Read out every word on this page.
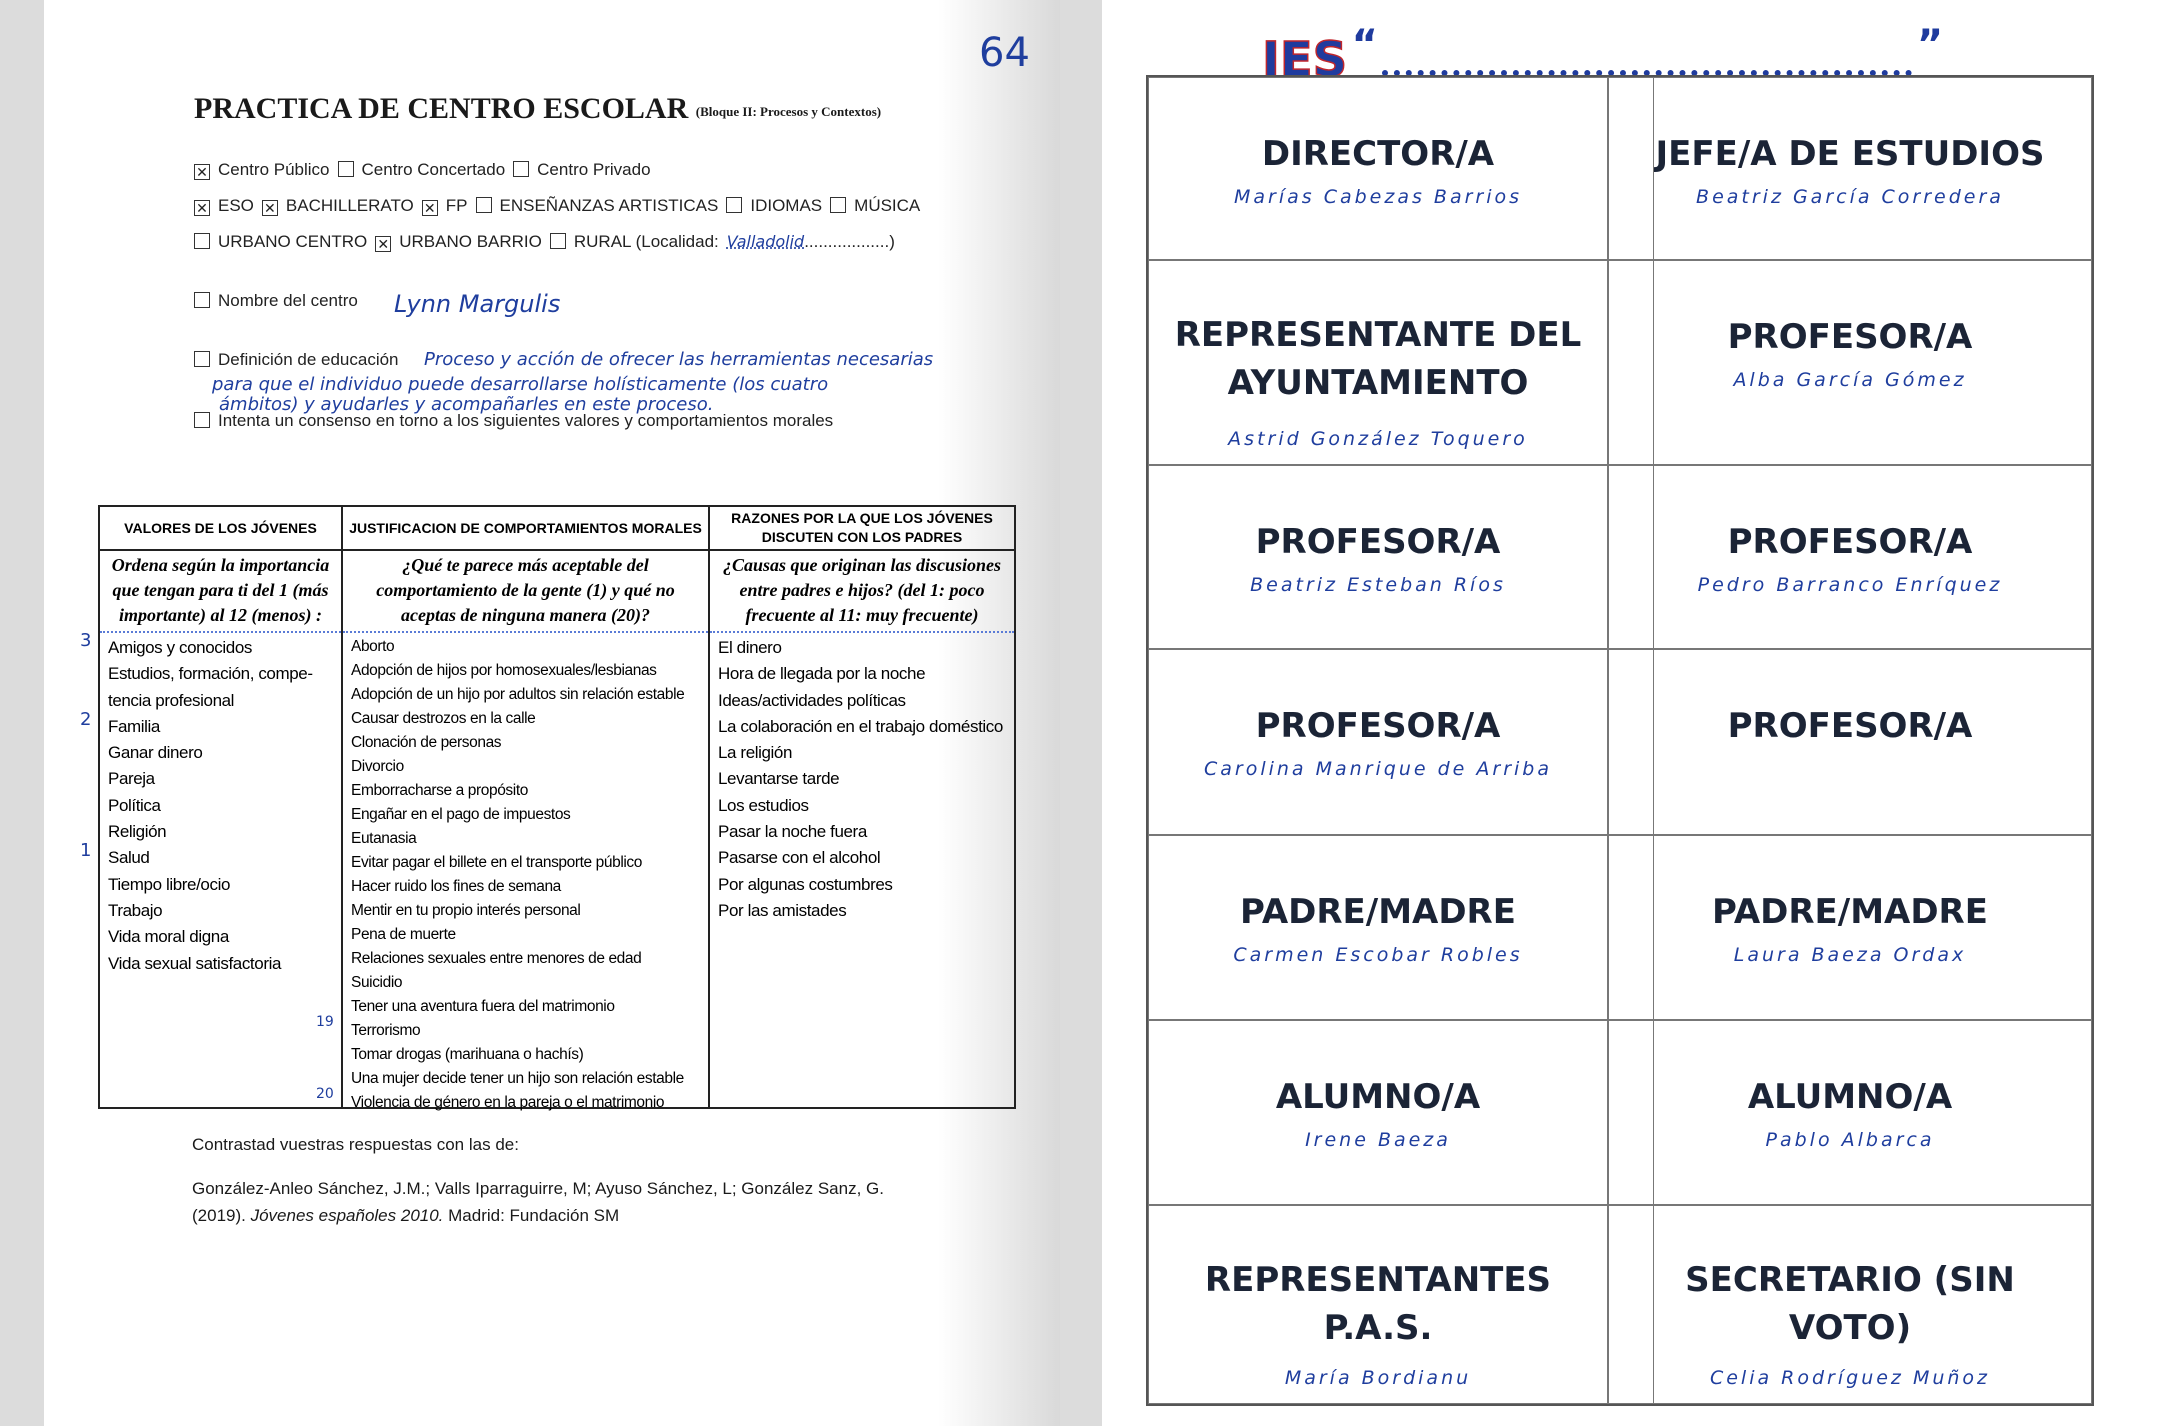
64
PRACTICA DE CENTRO ESCOLAR (Bloque II: Procesos y Contextos)
✕ Centro Público Centro Concertado Centro Privado
✕ ESO ✕ BACHILLERATO ✕ FP ENSEÑANZAS ARTISTICAS IDIOMAS MÚSICA
URBANO CENTRO ✕ URBANO BARRIO RURAL (Localidad: Valladolid..................)
Nombre del centro Lynn Margulis
Definición de educación Proceso y acción de ofrecer las herramientas necesarias
para que el individuo puede desarrollarse holísticamente (los cuatro
ámbitos) y ayudarles y acompañarles en este proceso.
Intenta un consenso en torno a los siguientes valores y comportamientos morales
VALORES DE LOS JÓVENES
Ordena según la importancia que tengan para ti del 1 (más importante) al 12 (menos) :
Amigos y conocidos
Estudios, formación, compe-
tencia profesional
Familia
Ganar dinero
Pareja
Política
Religión
Salud
Tiempo libre/ocio
Trabajo
Vida moral digna
Vida sexual satisfactoria
JUSTIFICACION DE COMPORTAMIENTOS MORALES
¿Qué te parece más aceptable del comportamiento de la gente (1) y qué no aceptas de ninguna manera (20)?
Aborto
Adopción de hijos por homosexuales/lesbianas
Adopción de un hijo por adultos sin relación estable
Causar destrozos en la calle
Clonación de personas
Divorcio
Emborracharse a propósito
Engañar en el pago de impuestos
Eutanasia
Evitar pagar el billete en el transporte público
Hacer ruido los fines de semana
Mentir en tu propio interés personal
Pena de muerte
Relaciones sexuales entre menores de edad
Suicidio
Tener una aventura fuera del matrimonio
Terrorismo
Tomar drogas (marihuana o hachís)
Una mujer decide tener un hijo son relación estable
Violencia de género en la pareja o el matrimonio
RAZONES POR LA QUE LOS JÓVENES DISCUTEN CON LOS PADRES
¿Causas que originan las discusiones entre padres e hijos? (del 1: poco frecuente al 11: muy frecuente)
El dinero
Hora de llegada por la noche
Ideas/actividades políticas
La colaboración en el trabajo doméstico
La religión
Levantarse tarde
Los estudios
Pasar la noche fuera
Pasarse con el alcohol
Por algunas costumbres
Por las amistades
3
2
1
19
20
Contrastad vuestras respuestas con las de:
González-Anleo Sánchez, J.M.; Valls Iparraguirre, M; Ayuso Sánchez, L; González Sanz, G.
(2019). Jóvenes españoles 2010. Madrid: Fundación SM
IES “	”
DIRECTOR/A
Marías Cabezas Barrios
JEFE/A DE ESTUDIOS
Beatriz García Corredera
REPRESENTANTE DEL AYUNTAMIENTO
Astrid González Toquero
PROFESOR/A
Alba García Gómez
PROFESOR/A
Beatriz Esteban Ríos
PROFESOR/A
Pedro Barranco Enríquez
PROFESOR/A
Carolina Manrique de Arriba
PROFESOR/A
PADRE/MADRE
Carmen Escobar Robles
PADRE/MADRE
Laura Baeza Ordax
ALUMNO/A
Irene Baeza
ALUMNO/A
Pablo Albarca
REPRESENTANTES P.A.S.
María Bordianu
SECRETARIO (SIN VOTO)
Celia Rodríguez Muñoz
